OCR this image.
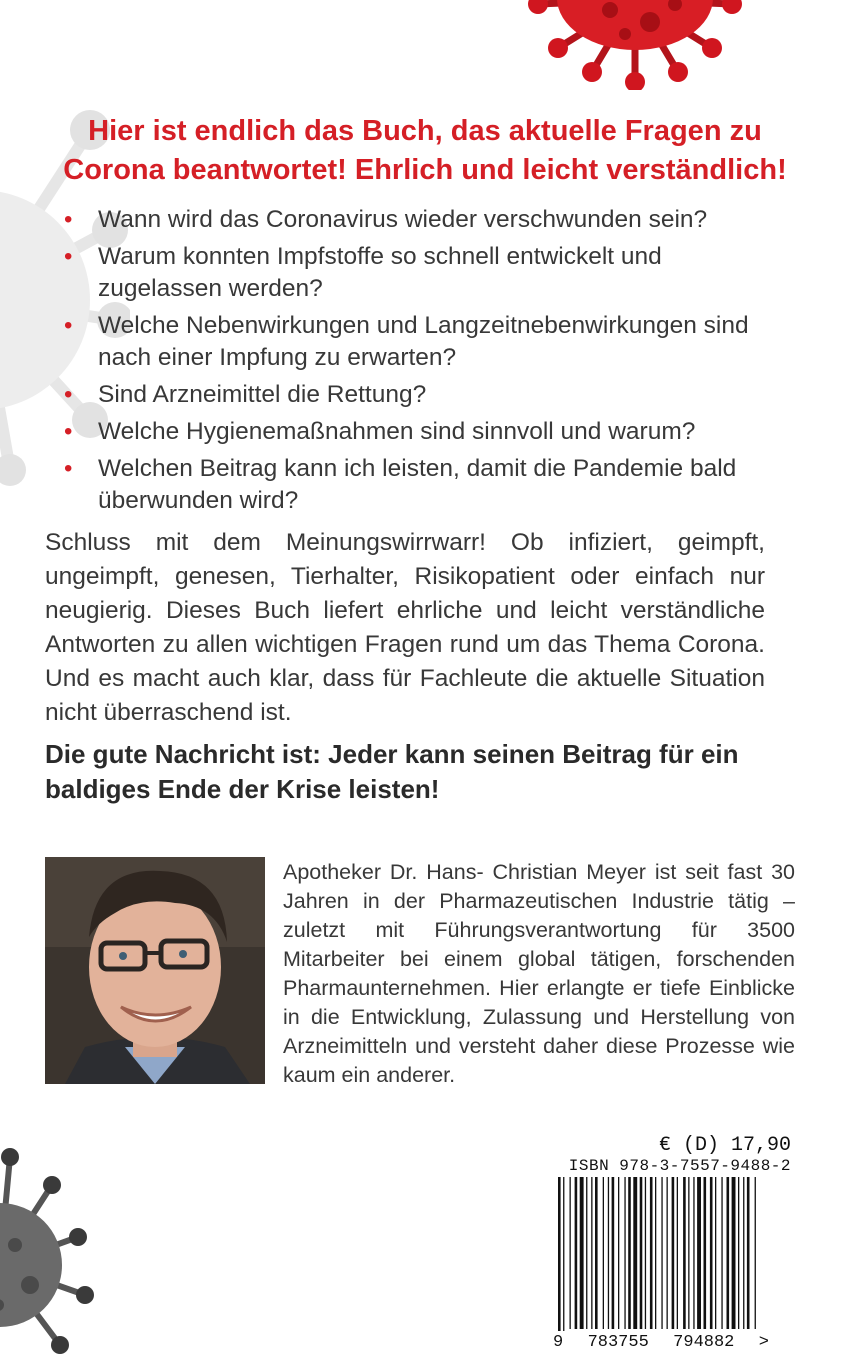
Hier ist endlich das Buch, das aktuelle Fragen zu Corona beantwortet! Ehrlich und leicht verständlich!

• Wann wird das Coronavirus wieder verschwunden sein?
• Warum konnten Impfstoffe so schnell entwickelt und zugelassen werden?
• Welche Nebenwirkungen und Langzeitnebenwirkungen sind nach einer Impfung zu erwarten?
• Sind Arzneimittel die Rettung?
• Welche Hygienemaßnahmen sind sinnvoll und warum?
• Welchen Beitrag kann ich leisten, damit die Pandemie bald überwunden wird?

Schluss mit dem Meinungswirrwarr! Ob infiziert, geimpft, ungeimpft, genesen, Tierhalter, Risikopatient oder einfach nur neugierig. Dieses Buch liefert ehrliche und leicht verständliche Antworten zu allen wichtigen Fragen rund um das Thema Corona. Und es macht auch klar, dass für Fachleute die aktuelle Situation nicht überraschend ist.

Die gute Nachricht ist: Jeder kann seinen Beitrag für ein baldiges Ende der Krise leisten!

Apotheker Dr. Hans- Christian Meyer ist seit fast 30 Jahren in der Pharmazeutischen Industrie tätig – zuletzt mit Führungsverantwortung für 3500 Mitarbeiter bei einem global tätigen, forschenden Pharmaunternehmen. Hier erlangte er tiefe Einblicke in die Entwicklung, Zulassung und Herstellung von Arzneimitteln und versteht daher diese Prozesse wie kaum ein anderer.

€ (D) 17,90
ISBN 978-3-7557-9488-2
9 783755 794882 >
